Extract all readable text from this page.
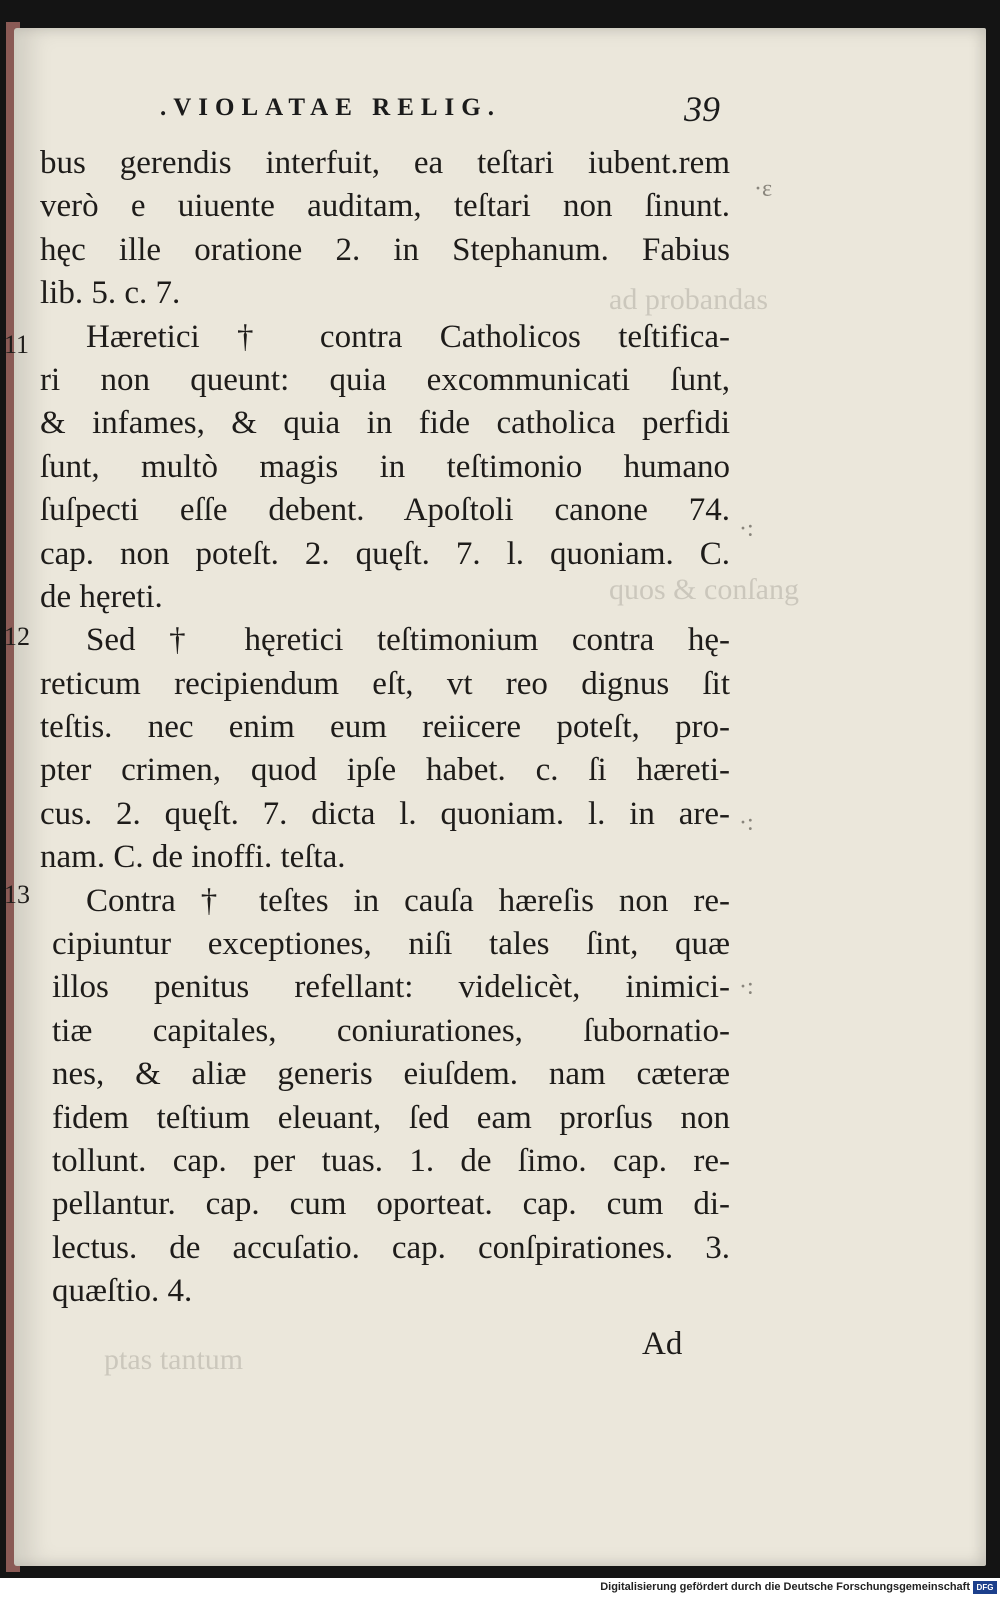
ad probandas
quos & conſang
ptas tantum
·ε
·:
·:
·:
.VIOLATAE RELIG.	39
11
12
13
bus gerendis interfuit, ea teſtari iubent.rem
verò e uiuente auditam, teſtari non ſinunt.
hęc ille oratione 2. in Stephanum. Fabius
lib. 5. c. 7.
Hæretici † contra Catholicos teſtifica-
ri non queunt: quia excommunicati ſunt,
& infames, & quia in fide catholica perfidi
ſunt, multò magis in teſtimonio humano
ſuſpecti eſſe debent. Apoſtoli canone 74.
cap. non poteſt. 2. quęſt. 7. l. quoniam. C.
de hęreti.
Sed † hęretici teſtimonium contra hę-
reticum recipiendum eſt, vt reo dignus ſit
teſtis. nec enim eum reiicere poteſt, pro-
pter crimen, quod ipſe habet. c. ſi hæreti-
cus. 2. quęſt. 7. dicta l. quoniam. l. in are-
nam. C. de inoffi. teſta.
Contra † teſtes in cauſa hæreſis non re-
cipiuntur exceptiones, niſi tales ſint, quæ
illos penitus refellant: videlicèt, inimici-
tiæ capitales, coniurationes, ſubornatio-
nes, & aliæ generis eiuſdem. nam cæteræ
fidem teſtium eleuant, ſed eam prorſus non
tollunt. cap. per tuas. 1. de ſimo. cap. re-
pellantur. cap. cum oporteat. cap. cum di-
lectus. de accuſatio. cap. conſpirationes. 3.
quæſtio. 4.
Ad
Digitalisierung gefördert durch die Deutsche Forschungsgemeinschaft DFG
